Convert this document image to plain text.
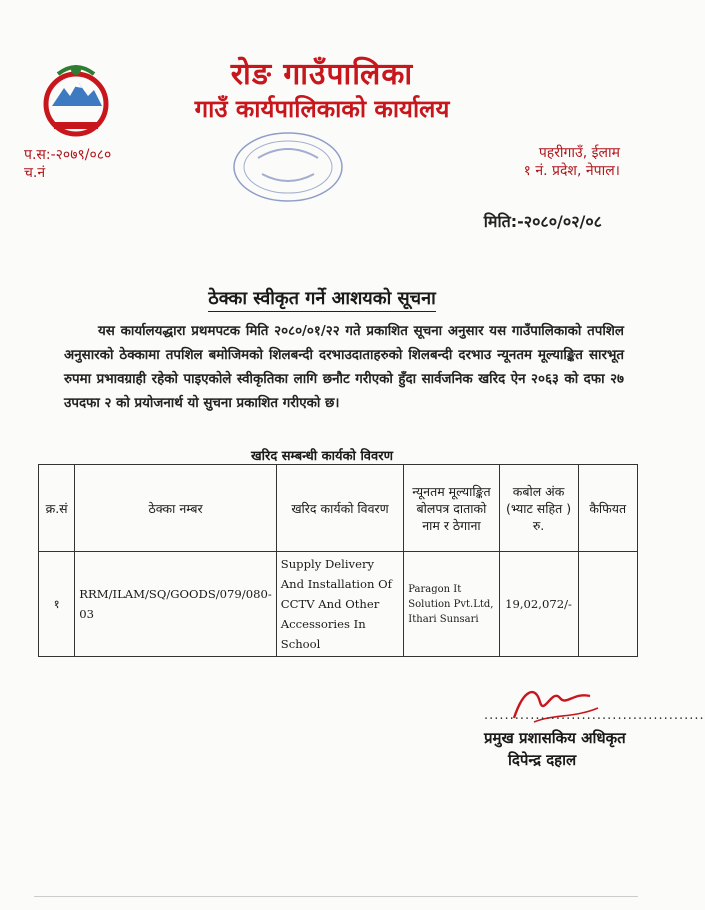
रोङ गाउँपालिका
गाउँ कार्यपालिकाको कार्यालय
प.स:-२०७९/०८०
च.नं
पहरीगाउँ, ईलाम
१ नं. प्रदेश, नेपाल।
मिति:-२०८०/०२/०८
ठेक्का स्वीकृत गर्ने आशयको सूचना
यस कार्यालयद्धारा प्रथमपटक मिति २०८०/०१/२२ गते प्रकाशित सूचना अनुसार यस गाउँपालिकाको तपशिल अनुसारको ठेक्कामा तपशिल बमोजिमको शिलबन्दी दरभाउदाताहरुको शिलबन्दी दरभाउ न्यूनतम मूल्याङ्कित सारभूत रुपमा प्रभावग्राही रहेको पाइएकोले स्वीकृतिका लागि छनौट गरीएको हुँदा सार्वजनिक खरिद ऐन २०६३ को दफा २७ उपदफा २ को प्रयोजनार्थ यो सुचना प्रकाशित गरीएको छ।
खरिद सम्बन्धी कार्यको विवरण
क्र.सं	ठेक्का नम्बर	खरिद कार्यको विवरण	न्यूनतम मूल्याङ्कित बोलपत्र दाताको नाम र ठेगाना	कबोल अंक (भ्याट सहित ) रु.	कैफियत
१	RRM/ILAM/SQ/GOODS/079/080-03	Supply Delivery And Installation Of CCTV And Other Accessories In School	Paragon It Solution Pvt.Ltd, Ithari Sunsari	19,02,072/-	
...........................................
प्रमुख प्रशासकिय अधिकृत
दिपेन्द्र दहाल
